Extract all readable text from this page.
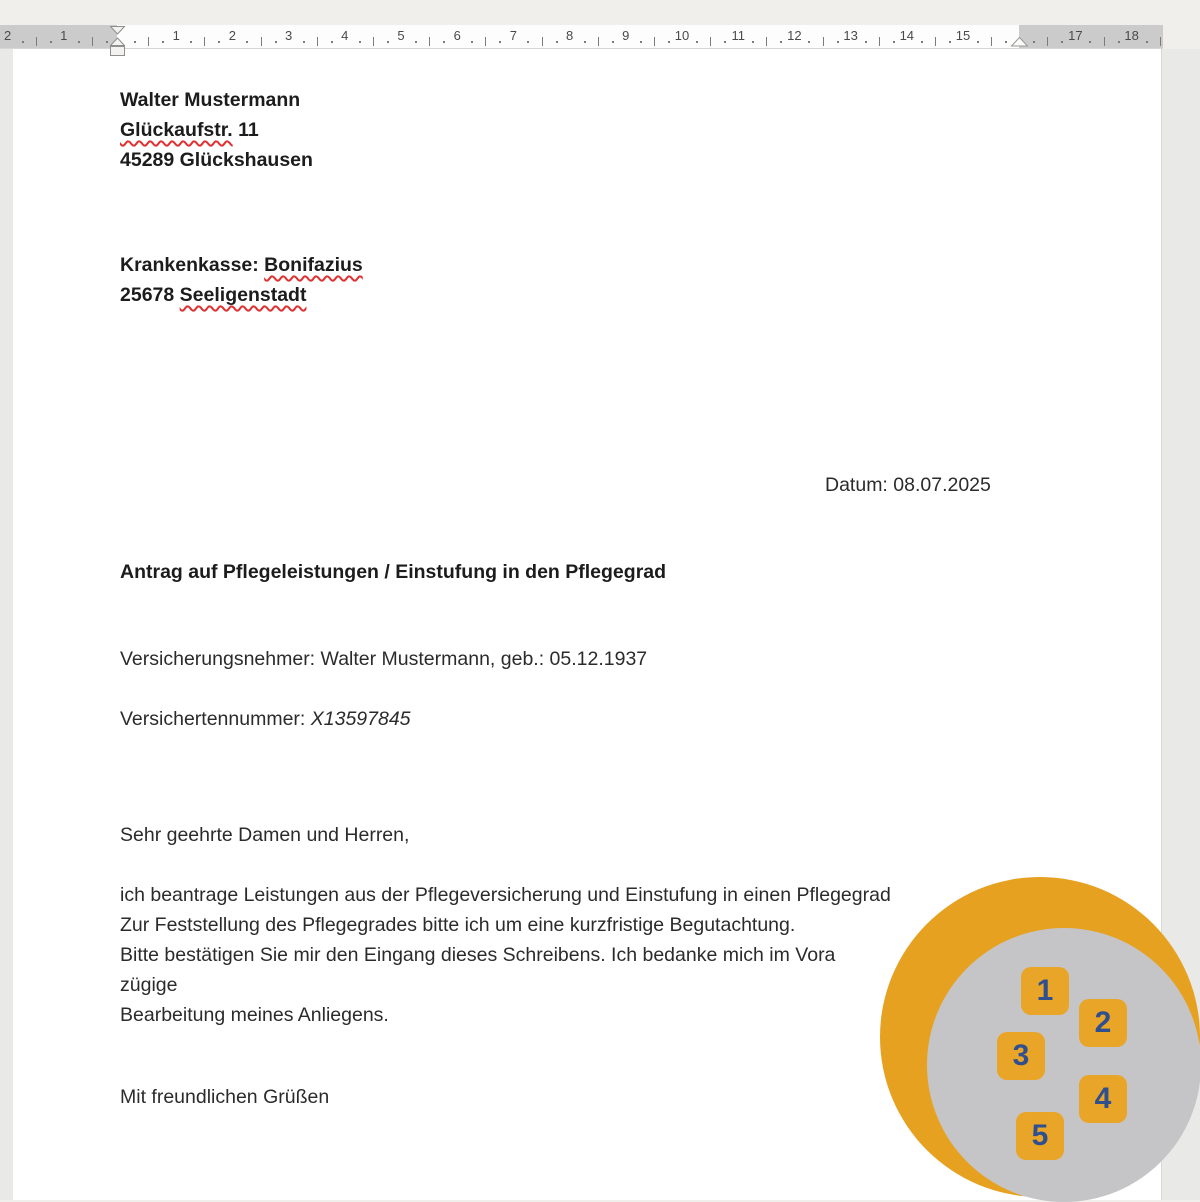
2	1	1	2	3	4	5	6	7	8	9	10	11	12	13	14	15	17	18
Walter Mustermann
Glückaufstr. 11
45289 Glückshausen
Krankenkasse: Bonifazius
25678 Seeligenstadt
Datum: 08.07.2025
Antrag auf Pflegeleistungen / Einstufung in den Pflegegrad
Versicherungsnehmer: Walter Mustermann, geb.: 05.12.1937
Versichertennummer: X13597845
Sehr geehrte Damen und Herren,
ich beantrage Leistungen aus der Pflegeversicherung und Einstufung in einen Pflegegrad
Zur Feststellung des Pflegegrades bitte ich um eine kurzfristige Begutachtung.
Bitte bestätigen Sie mir den Eingang dieses Schreibens. Ich bedanke mich im Vora
zügige
Bearbeitung meines Anliegens.
Mit freundlichen Grüßen
1
2
3
4
5
